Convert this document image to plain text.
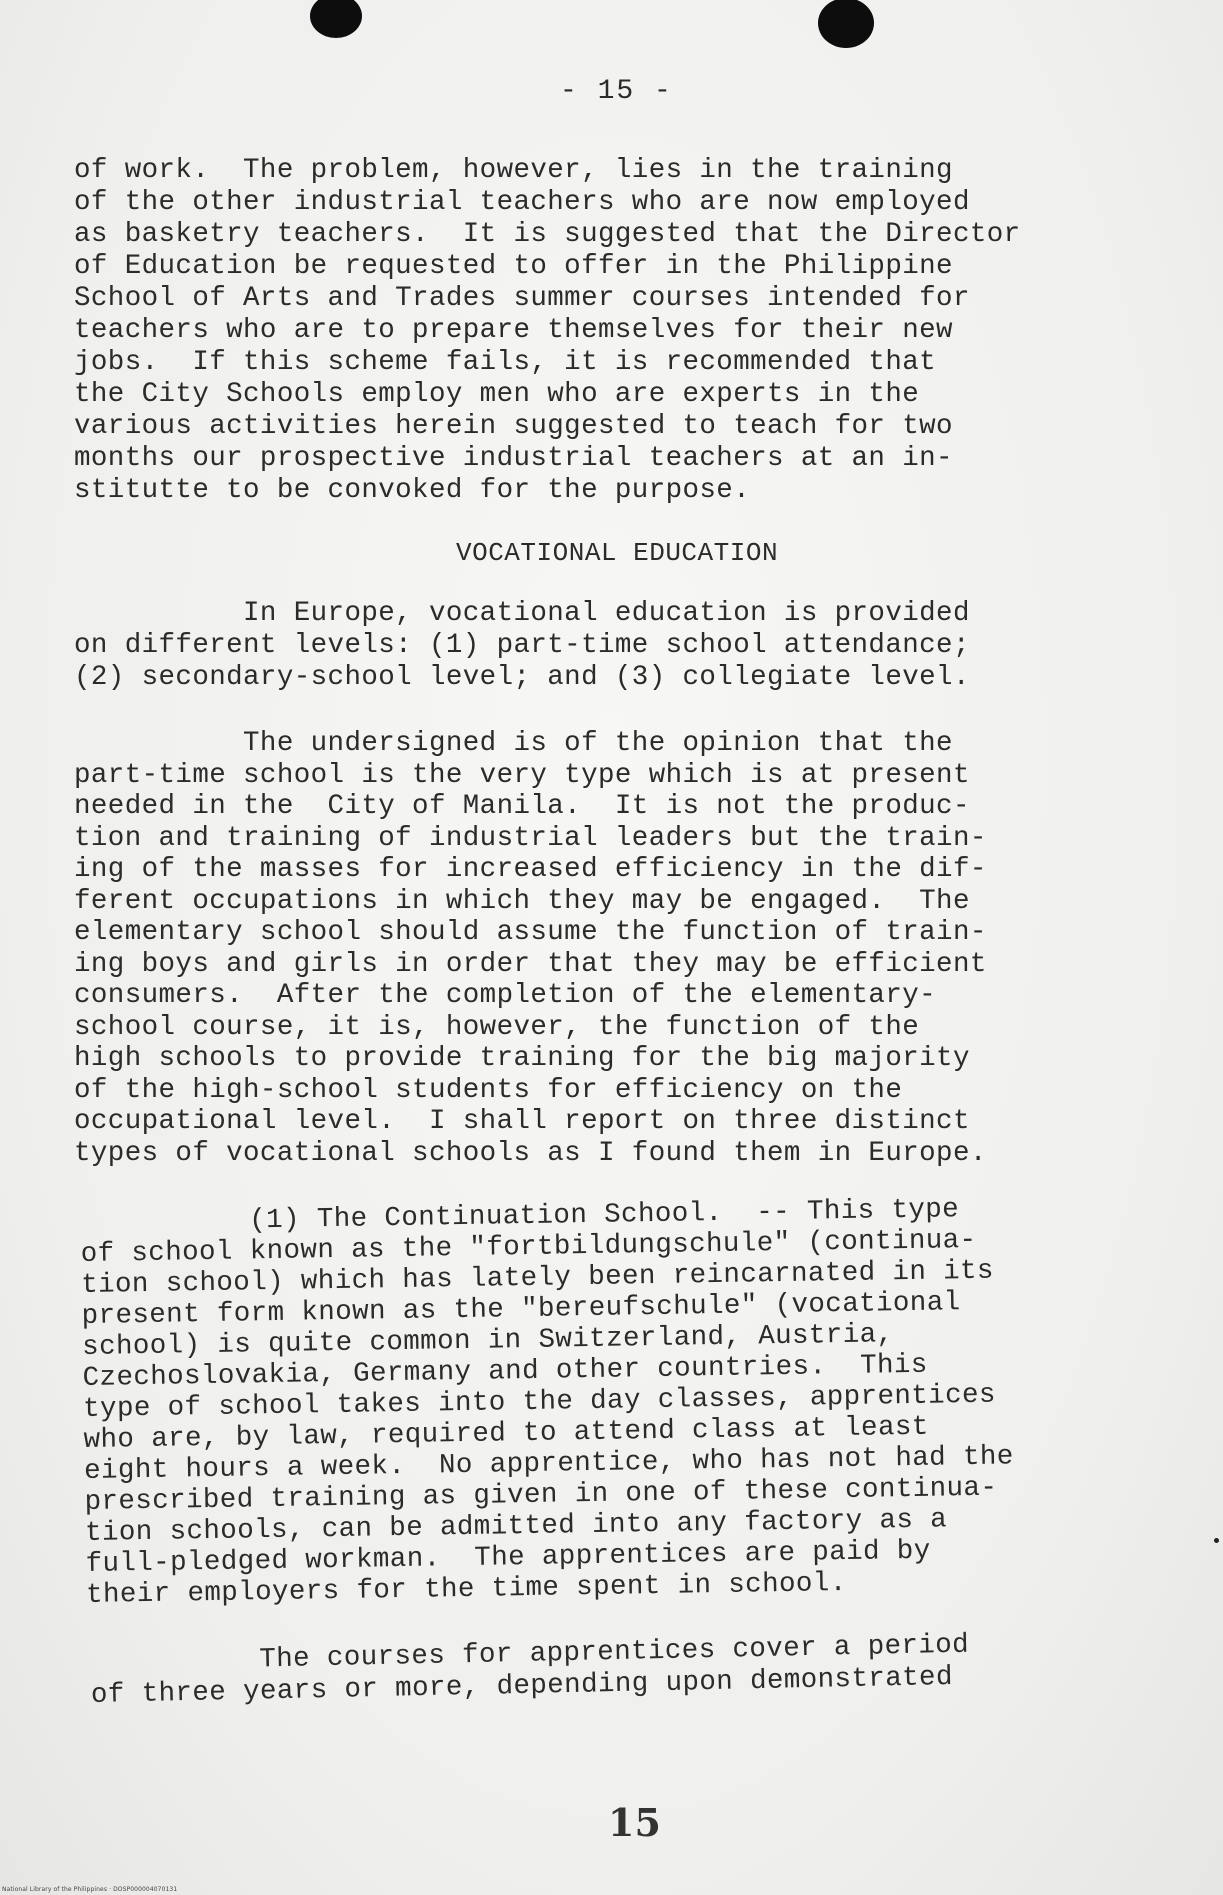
- 15 -
of work.  The problem, however, lies in the training
of the other industrial teachers who are now employed
as basketry teachers.  It is suggested that the Director
of Education be requested to offer in the Philippine
School of Arts and Trades summer courses intended for
teachers who are to prepare themselves for their new
jobs.  If this scheme fails, it is recommended that
the City Schools employ men who are experts in the
various activities herein suggested to teach for two
months our prospective industrial teachers at an in-
stitutte to be convoked for the purpose.
VOCATIONAL EDUCATION
In Europe, vocational education is provided
on different levels: (1) part-time school attendance;
(2) secondary-school level; and (3) collegiate level.
The undersigned is of the opinion that the
part-time school is the very type which is at present
needed in the  City of Manila.  It is not the produc-
tion and training of industrial leaders but the train-
ing of the masses for increased efficiency in the dif-
ferent occupations in which they may be engaged.  The
elementary school should assume the function of train-
ing boys and girls in order that they may be efficient
consumers.  After the completion of the elementary-
school course, it is, however, the function of the
high schools to provide training for the big majority
of the high-school students for efficiency on the
occupational level.  I shall report on three distinct
types of vocational schools as I found them in Europe.
(1) The Continuation School.  -- This type
of school known as the "fortbildungschule" (continua-
tion school) which has lately been reincarnated in its
present form known as the "bereufschule" (vocational
school) is quite common in Switzerland, Austria,
Czechoslovakia, Germany and other countries.  This
type of school takes into the day classes, apprentices
who are, by law, required to attend class at least
eight hours a week.  No apprentice, who has not had the
prescribed training as given in one of these continua-
tion schools, can be admitted into any factory as a
full-pledged workman.  The apprentices are paid by
their employers for the time spent in school.
The courses for apprentices cover a period
of three years or more, depending upon demonstrated
15
National Library of the Philippines · DOSP000004070131
